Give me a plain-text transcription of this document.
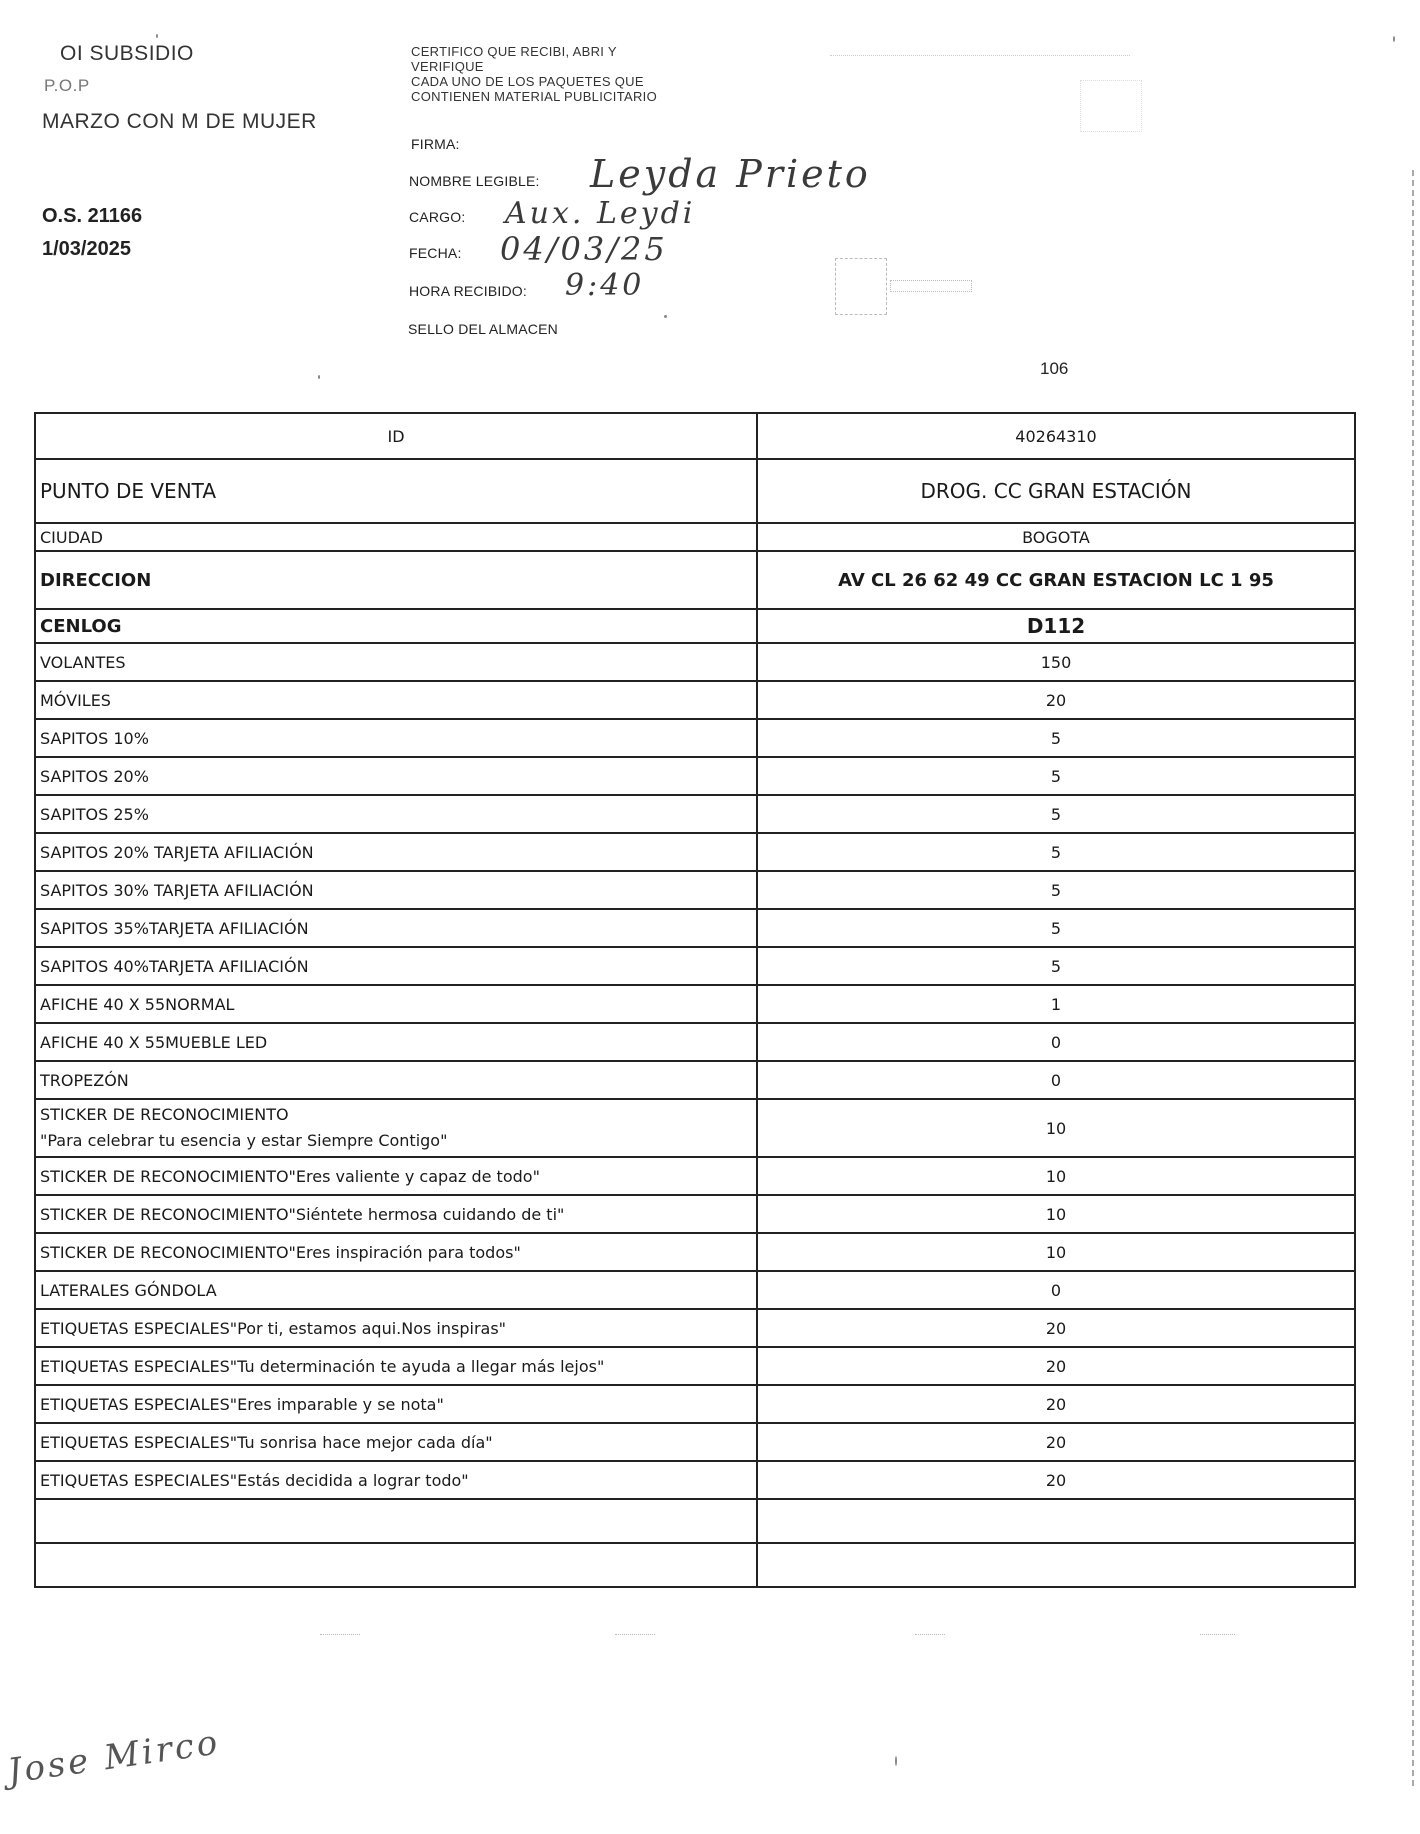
OI SUBSIDIO
P.O.P
MARZO CON M DE MUJER
O.S. 21166
1/03/2025
CERTIFICO QUE RECIBI, ABRI Y
VERIFIQUE
CADA UNO DE LOS PAQUETES QUE
CONTIENEN MATERIAL PUBLICITARIO
FIRMA:
NOMBRE LEGIBLE: Leyda Prieto
CARGO: Aux. Leydi
FECHA: 04/03/25
HORA RECIBIDO: 9:40
SELLO DEL ALMACEN
106
ID	40264310
PUNTO DE VENTA	DROG. CC GRAN ESTACIÓN
CIUDAD	BOGOTA
DIRECCION	AV CL 26 62 49 CC GRAN ESTACION LC 1 95
CENLOG	D112
VOLANTES	150
MÓVILES	20
SAPITOS 10%	5
SAPITOS 20%	5
SAPITOS 25%	5
SAPITOS 20% TARJETA AFILIACIÓN	5
SAPITOS 30% TARJETA AFILIACIÓN	5
SAPITOS 35%TARJETA AFILIACIÓN	5
SAPITOS 40%TARJETA AFILIACIÓN	5
AFICHE 40 X 55NORMAL	1
AFICHE 40 X 55MUEBLE LED	0
TROPEZÓN	0

STICKER DE RECONOCIMIENTO
"Para celebrar tu esencia y estar Siempre Contigo"	10
STICKER DE RECONOCIMIENTO"Eres valiente y capaz de todo"	10
STICKER DE RECONOCIMIENTO"Siéntete hermosa cuidando de ti"	10
STICKER DE RECONOCIMIENTO"Eres inspiración para todos"	10
LATERALES GÓNDOLA	0
ETIQUETAS ESPECIALES"Por ti, estamos aqui.Nos inspiras"	20
ETIQUETAS ESPECIALES"Tu determinación te ayuda a llegar más lejos"	20
ETIQUETAS ESPECIALES"Eres imparable y se nota"	20
ETIQUETAS ESPECIALES"Tu sonrisa hace mejor cada día"	20
ETIQUETAS ESPECIALES"Estás decidida a lograr todo"	20

Jose Mirco
